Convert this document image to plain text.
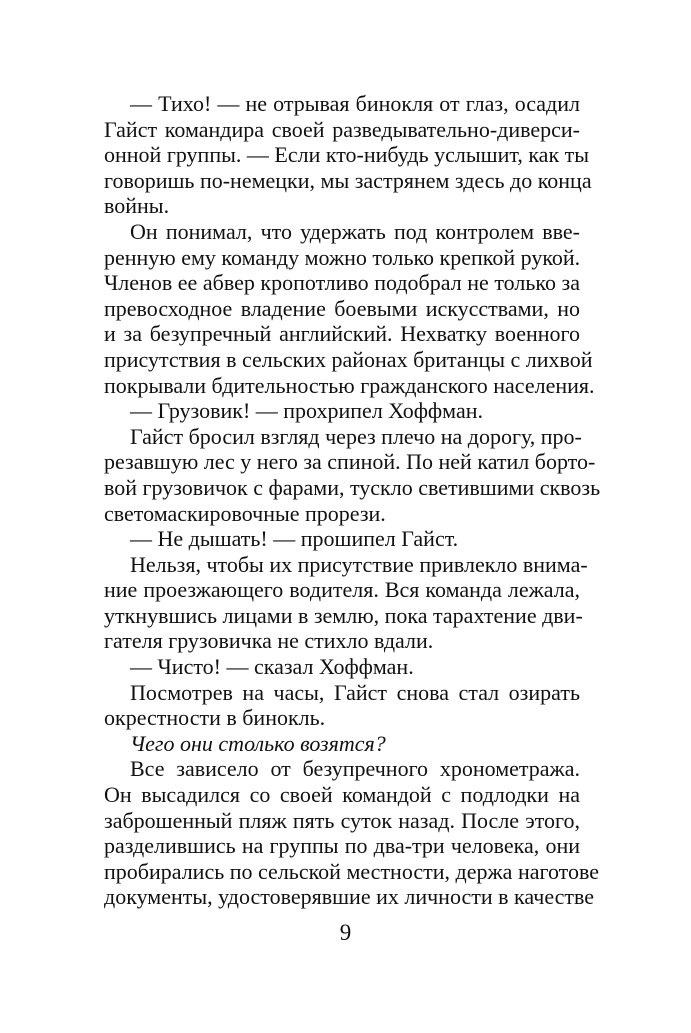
— Тихо! — не отрывая бинокля от глаз, осадил
Гайст командира своей разведывательно-диверси-
онной группы. — Если кто-нибудь услышит, как ты
говоришь по-немецки, мы застрянем здесь до конца
войны.

Он понимал, что удержать под контролем вве-
ренную ему команду можно только крепкой рукой.
Членов ее абвер кропотливо подобрал не только за
превосходное владение боевыми искусствами, но
и за безупречный английский. Нехватку военного
присутствия в сельских районах британцы с лихвой
покрывали бдительностью гражданского населения.

— Грузовик! — прохрипел Хоффман.

Гайст бросил взгляд через плечо на дорогу, про-
резавшую лес у него за спиной. По ней катил борто-
вой грузовичок с фарами, тускло светившими сквозь
светомаскировочные прорези.

— Не дышать! — прошипел Гайст.

Нельзя, чтобы их присутствие привлекло внима-
ние проезжающего водителя. Вся команда лежала,
уткнувшись лицами в землю, пока тарахтение дви-
гателя грузовичка не стихло вдали.

— Чисто! — сказал Хоффман.

Посмотрев на часы, Гайст снова стал озирать
окрестности в бинокль.

Чего они столько возятся?

Все зависело от безупречного хронометража.
Он высадился со своей командой с подлодки на
заброшенный пляж пять суток назад. После этого,
разделившись на группы по два-три человека, они
пробирались по сельской местности, держа наготове
документы, удостоверявшие их личности в качестве

9
